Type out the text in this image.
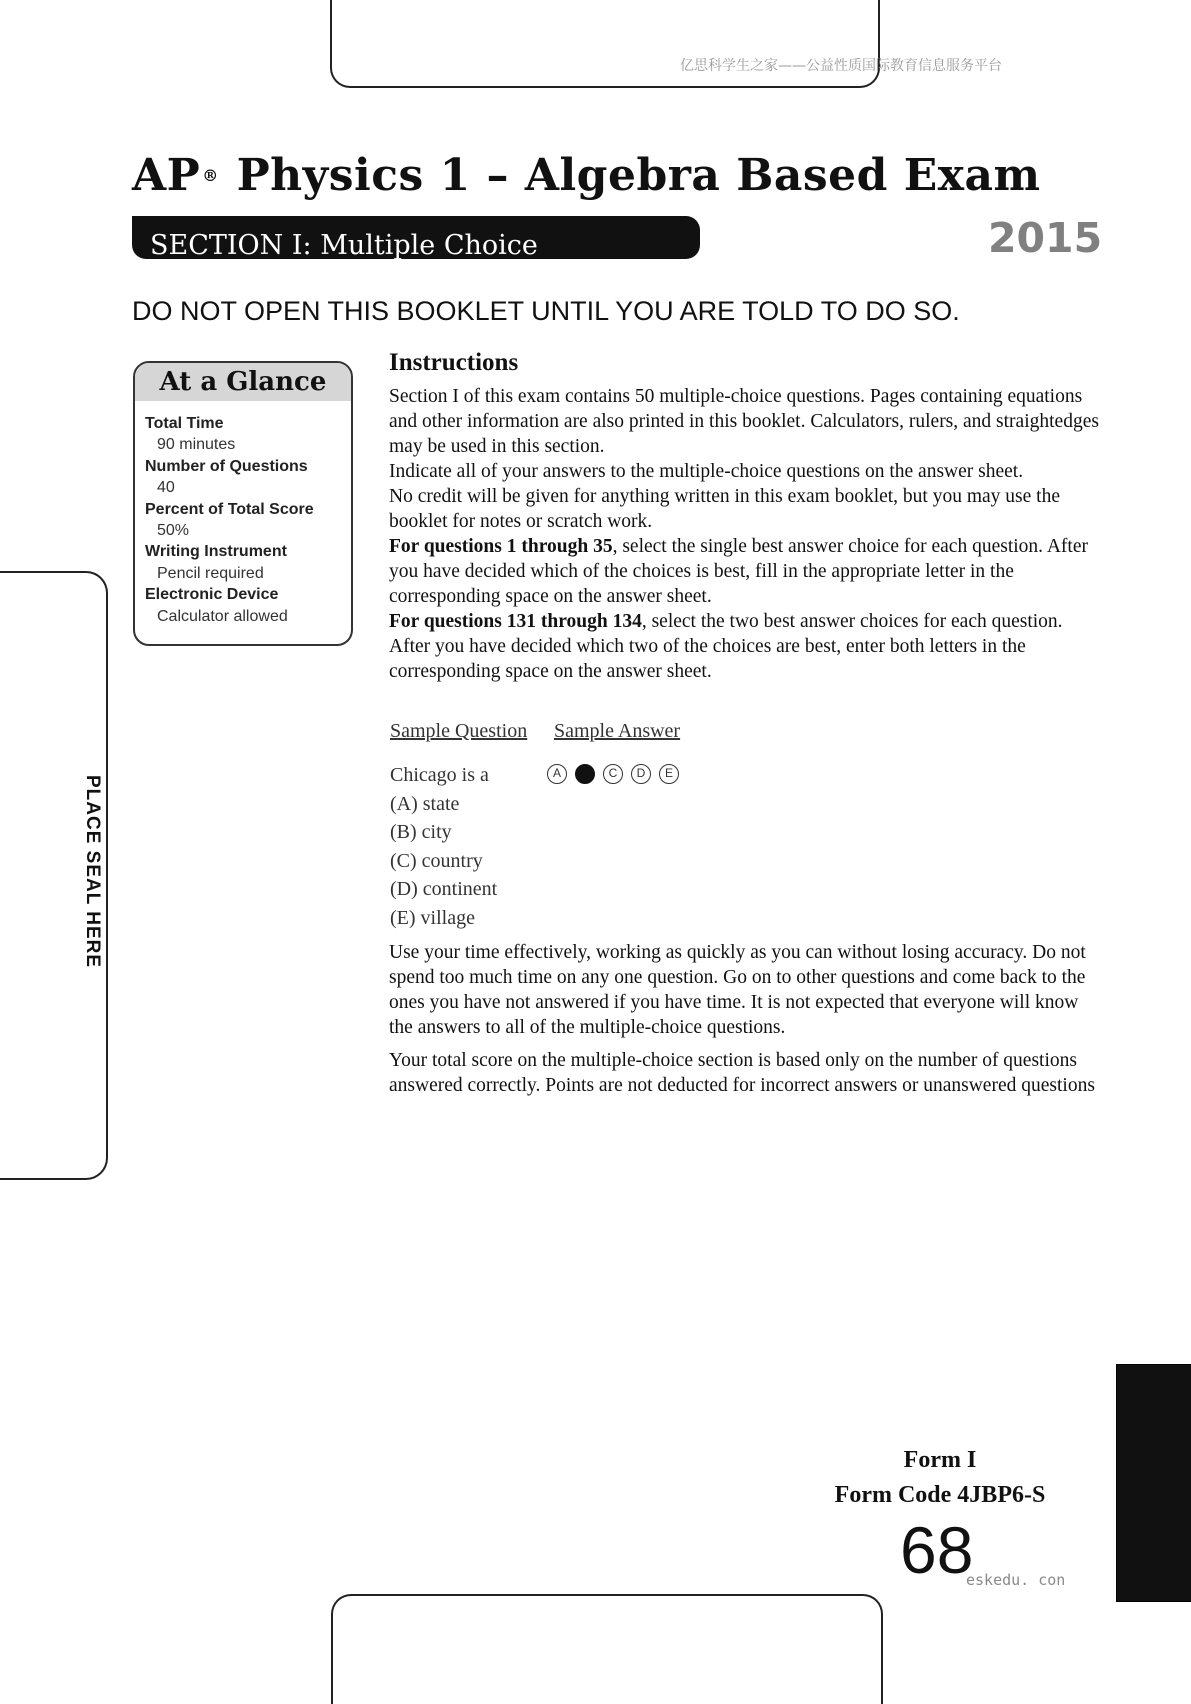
亿思科学生之家——公益性质国际教育信息服务平台
AP ® Physics 1 – Algebra Based Exam
SECTION I: Multiple Choice	2015
DO NOT OPEN THIS BOOKLET UNTIL YOU ARE TOLD TO DO SO.
At a Glance
Total Time
90 minutes
Number of Questions
40
Percent of Total Score
50%
Writing Instrument
Pencil required
Electronic Device
Calculator allowed
Instructions

Section I of this exam contains 50 multiple-choice questions. Pages containing equations and other information are also printed in this booklet. Calculators, rulers, and straightedges may be used in this section.

Indicate all of your answers to the multiple-choice questions on the answer sheet.

No credit will be given for anything written in this exam booklet, but you may use the booklet for notes or scratch work.

For questions 1 through 35, select the single best answer choice for each question. After you have decided which of the choices is best, fill in the appropriate letter in the corresponding space on the answer sheet.

For questions 131 through 134, select the two best answer choices for each question. After you have decided which two of the choices are best, enter both letters in the corresponding space on the answer sheet.

Sample Question Sample Answer
Chicago is a
(A) state
(B) city
(C) country
(D) continent
(E) village
A	C	D	E
Use your time effectively, working as quickly as you can without losing accuracy. Do not spend too much time on any one question. Go on to other questions and come back to the ones you have not answered if you have time. It is not expected that everyone will know the answers to all of the multiple-choice questions.
Your total score on the multiple-choice section is based only on the number of questions answered correctly. Points are not deducted for incorrect answers or unanswered questions
PLACE SEAL HERE
Form I
Form Code 4JBP6-S
68
eskedu. con
